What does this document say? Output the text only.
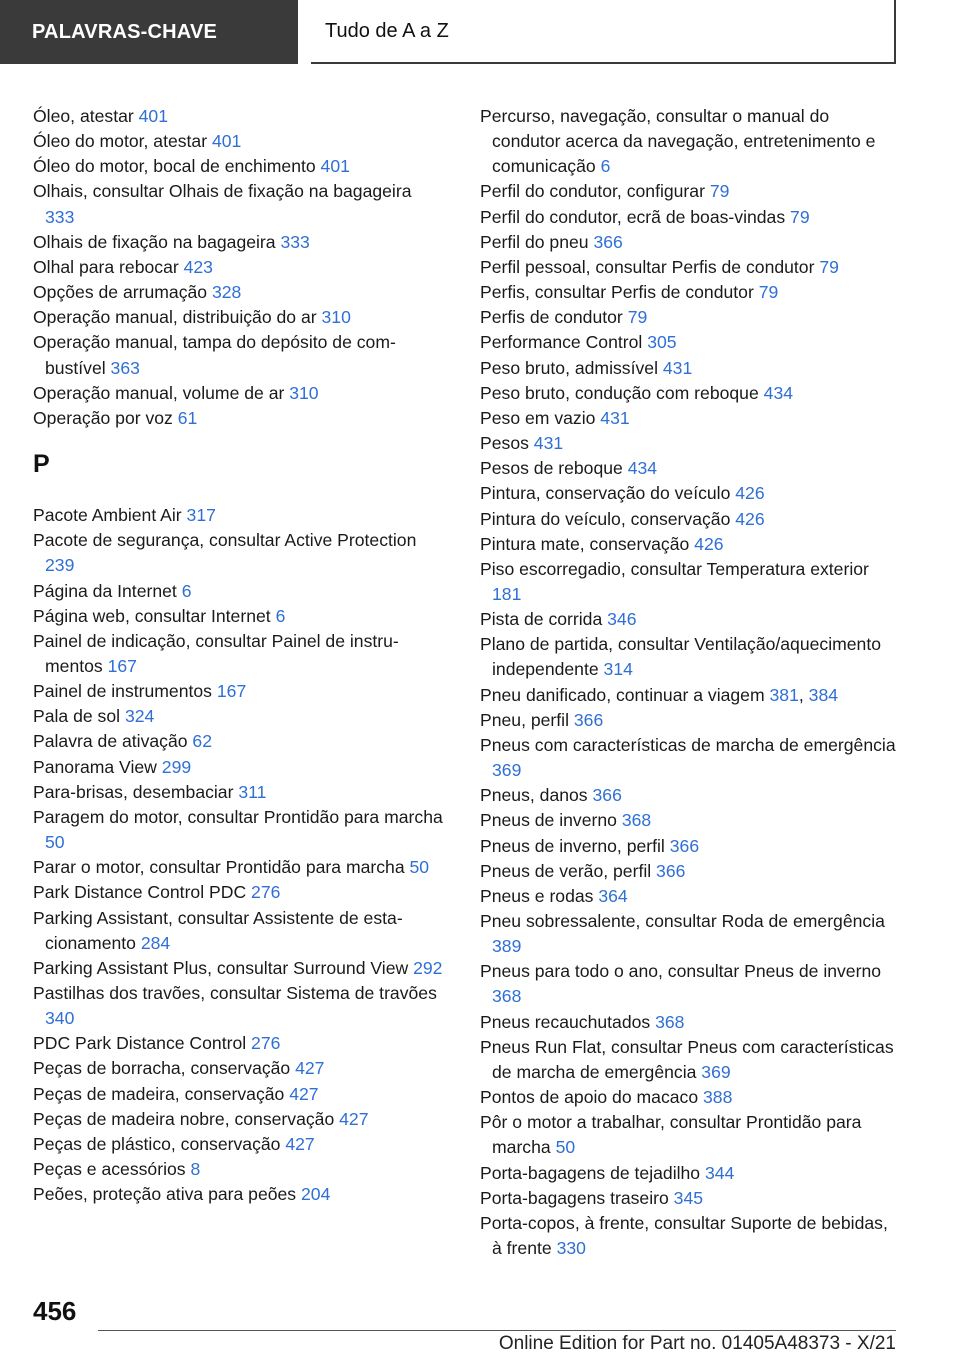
PALAVRAS-CHAVE	Tudo de A a Z

Óleo, atestar 401

Óleo do motor, atestar 401

Óleo do motor, bocal de enchimento 401

Olhais, consultar Olhais de fixação na bagageira 333

Olhais de fixação na bagageira 333

Olhal para rebocar 423

Opções de arrumação 328

Operação manual, distribuição do ar 310

Operação manual, tampa do depósito de combustível 363

Operação manual, volume de ar 310

Operação por voz 61

P

Pacote Ambient Air 317

Pacote de segurança, consultar Active Protection 239

Página da Internet 6

Página web, consultar Internet 6

Painel de indicação, consultar Painel de instrumentos 167

Painel de instrumentos 167

Pala de sol 324

Palavra de ativação 62

Panorama View 299

Para-brisas, desembaciar 311

Paragem do motor, consultar Prontidão para marcha 50

Parar o motor, consultar Prontidão para marcha 50

Park Distance Control PDC 276

Parking Assistant, consultar Assistente de estacionamento 284

Parking Assistant Plus, consultar Surround View 292

Pastilhas dos travões, consultar Sistema de travões 340

PDC Park Distance Control 276

Peças de borracha, conservação 427

Peças de madeira, conservação 427

Peças de madeira nobre, conservação 427

Peças de plástico, conservação 427

Peças e acessórios 8

Peões, proteção ativa para peões 204

Percurso, navegação, consultar o manual do condutor acerca da navegação, entretenimento e comunicação 6

Perfil do condutor, configurar 79

Perfil do condutor, ecrã de boas-vindas 79

Perfil do pneu 366

Perfil pessoal, consultar Perfis de condutor 79

Perfis, consultar Perfis de condutor 79

Perfis de condutor 79

Performance Control 305

Peso bruto, admissível 431

Peso bruto, condução com reboque 434

Peso em vazio 431

Pesos 431

Pesos de reboque 434

Pintura, conservação do veículo 426

Pintura do veículo, conservação 426

Pintura mate, conservação 426

Piso escorregadio, consultar Temperatura exterior 181

Pista de corrida 346

Plano de partida, consultar Ventilação/aquecimento independente 314

Pneu danificado, continuar a viagem 381, 384

Pneu, perfil 366

Pneus com características de marcha de emergência 369

Pneus, danos 366

Pneus de inverno 368

Pneus de inverno, perfil 366

Pneus de verão, perfil 366

Pneus e rodas 364

Pneu sobressalente, consultar Roda de emergência 389

Pneus para todo o ano, consultar Pneus de inverno 368

Pneus recauchutados 368

Pneus Run Flat, consultar Pneus com características de marcha de emergência 369

Pontos de apoio do macaco 388

Pôr o motor a trabalhar, consultar Prontidão para marcha 50

Porta-bagagens de tejadilho 344

Porta-bagagens traseiro 345

Porta-copos, à frente, consultar Suporte de bebidas, à frente 330

456
Online Edition for Part no. 01405A48373 - X/21
